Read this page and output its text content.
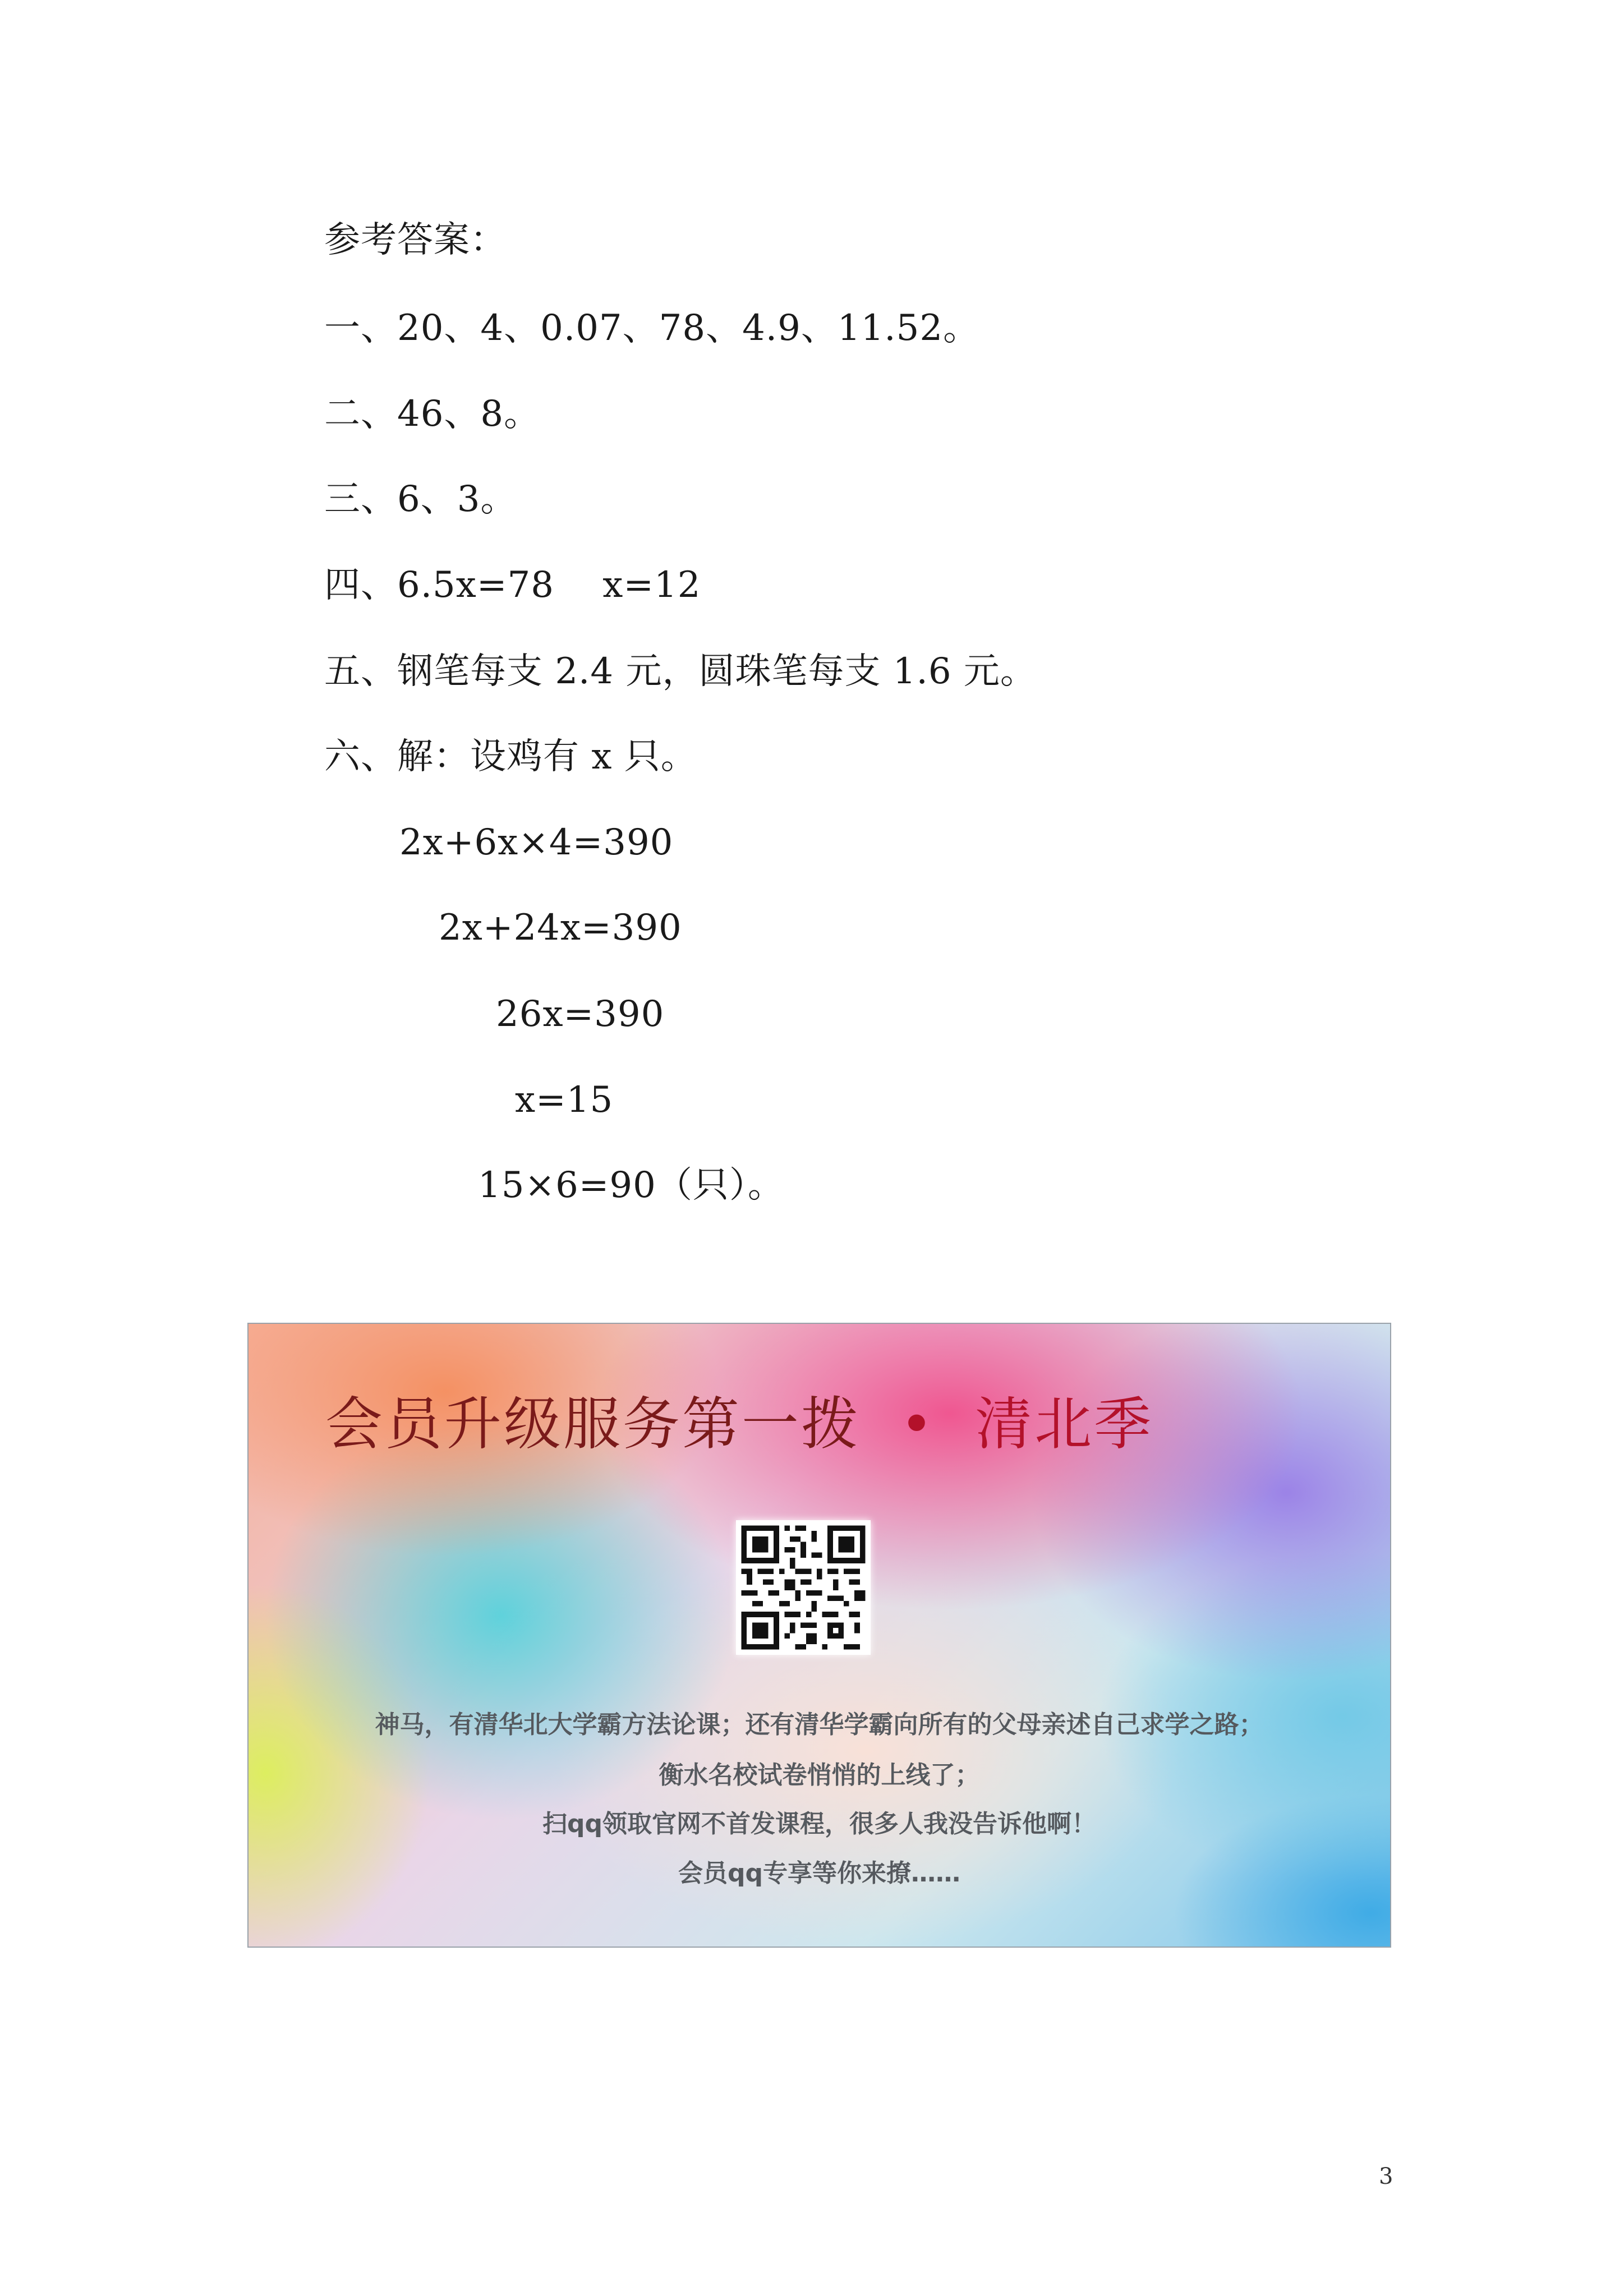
参考答案：
一、20、4、0.07、78、4.9、11.52。
二、46、8。
三、6、3。
四、6.5x=78　 x=12
五、钢笔每支 2.4 元，圆珠笔每支 1.6 元。
六、解：设鸡有 x 只。
2x+6x×4=390
2x+24x=390
26x=390
x=15
15×6=90（只）。
会员升级服务第一拨 • 清北季
神马，有清华北大学霸方法论课；还有清华学霸向所有的父母亲述自己求学之路；
衡水名校试卷悄悄的上线了；
扫qq领取官网不首发课程，很多人我没告诉他啊！
会员qq专享等你来撩……
3
